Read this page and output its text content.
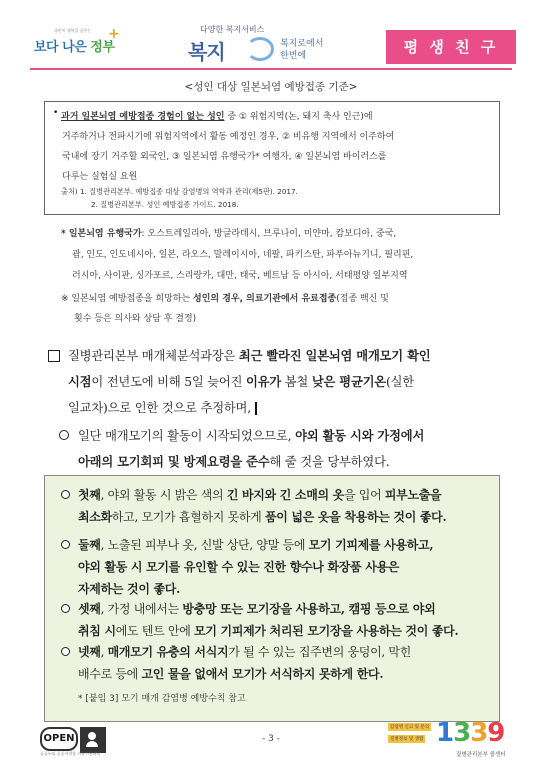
국민이 행복을 꿈꾸는
보다 나은 정부
+	다양한 복지서비스
복지	복지로에서
한번에	평 생 친 구
<성인 대상 일본뇌염 예방접종 기준>
• 과거 일본뇌염 예방접종 경험이 없는 성인 중 ① 위험지역(논, 돼지 축사 인근)에
거주하거나 전파시기에 위험지역에서 활동 예정인 경우, ② 비유행 지역에서 이주하여
국내에 장기 거주할 외국인, ③ 일본뇌염 유행국가* 여행자, ④ 일본뇌염 바이러스를
다루는 실험실 요원
출처) 1. 질병관리본부. 예방접종 대상 감염병의 역학과 관리(제5판). 2017.
2. 질병관리본부. 성인 예방접종 가이드. 2018.
* 일본뇌염 유행국가: 오스트레일리아, 방글라데시, 브루나이, 미얀마, 캄보디아, 중국,
괌, 인도, 인도네시아, 일본, 라오스, 말레이시아, 네팔, 파키스탄, 파푸아뉴기니, 필리핀,
러시아, 사이판, 싱가포르, 스리랑카, 대만, 태국, 베트남 등 아시아, 서태평양 일부지역
※ 일본뇌염 예방접종을 희망하는 성인의 경우, 의료기관에서 유료접종(접종 백신 및
횟수 등은 의사와 상담 후 결정)
질병관리본부 매개체분석과장은 최근 빨라진 일본뇌염 매개모기 확인
시점이 전년도에 비해 5일 늦어진 이유가 봄철 낮은 평균기온(실한
일교차)으로 인한 것으로 추정하며,
일단 매개모기의 활동이 시작되었으므로, 야외 활동 시와 가정에서
아래의 모기회피 및 방제요령을 준수해 줄 것을 당부하였다.
첫째, 야외 활동 시 밝은 색의 긴 바지와 긴 소매의 옷을 입어 피부노출을
최소화하고, 모기가 흡혈하지 못하게 품이 넓은 옷을 착용하는 것이 좋다.
둘째, 노출된 피부나 옷, 신발 상단, 양말 등에 모기 기피제를 사용하고,
야외 활동 시 모기를 유인할 수 있는 진한 향수나 화장품 사용은
자제하는 것이 좋다.
셋째, 가정 내에서는 방충망 또는 모기장을 사용하고, 캠핑 등으로 야외
취침 시에도 텐트 안에 모기 기피제가 처리된 모기장을 사용하는 것이 좋다.
넷째, 매개모기 유충의 서식지가 될 수 있는 집주변의 웅덩이, 막힌
배수로 등에 고인 물을 없애서 모기가 서식하지 못하게 한다.
* [붙임 3] 모기 매개 감염병 예방수칙 참고
OPEN
공공누리 공공저작물 자유이용허락
- 3 -
감염병 신고 및 문의
질병정보 및 생활 1339
질병관리본부 콜센터
